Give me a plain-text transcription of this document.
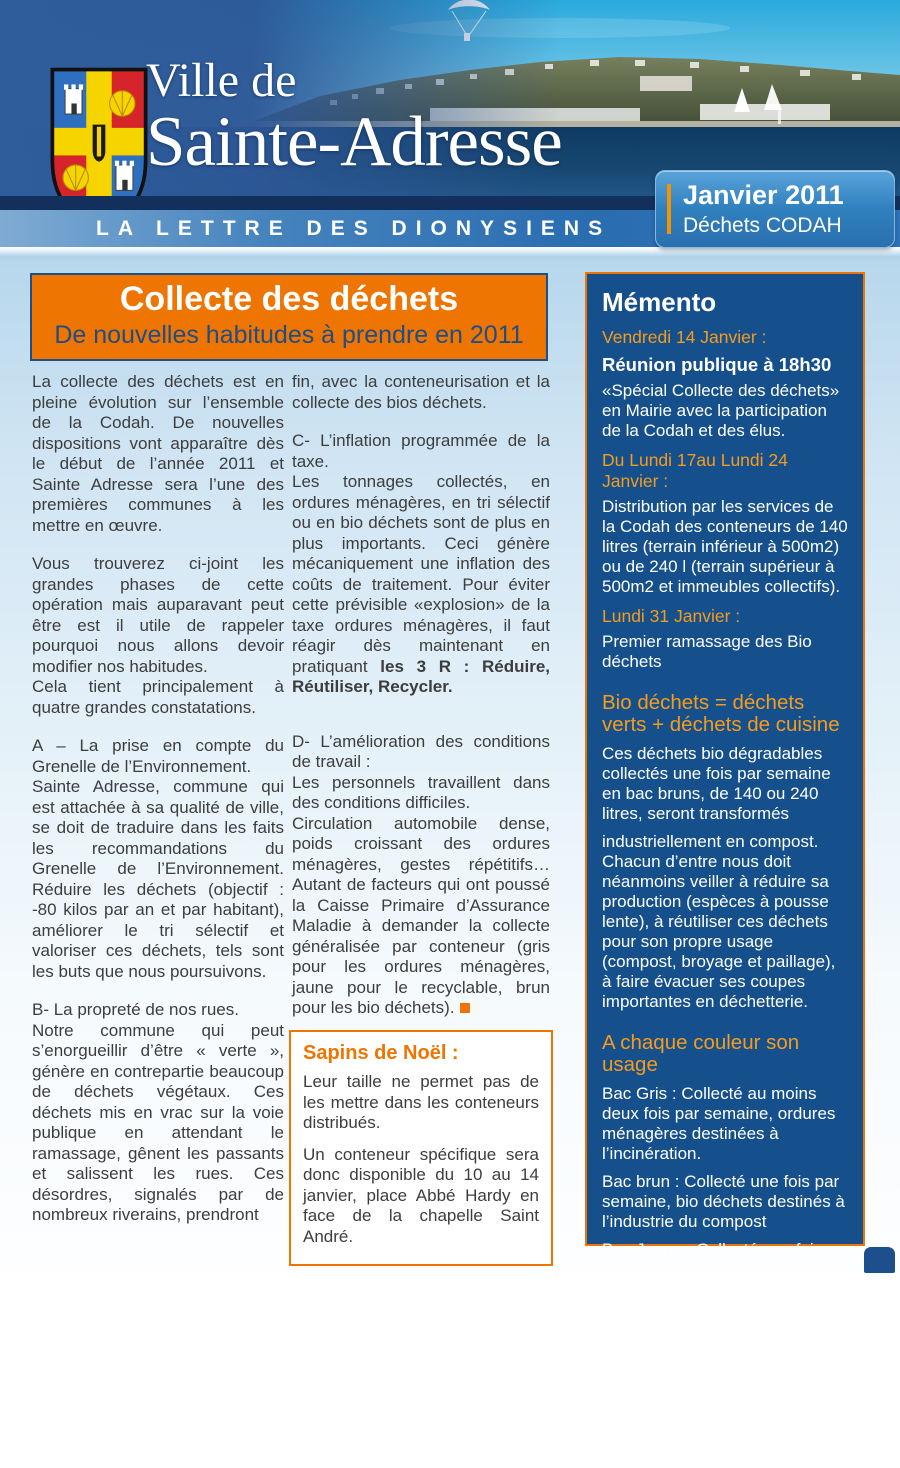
Ville de
Sainte-Adresse
LA LETTRE DES DIONYSIENS
Janvier 2011
Déchets CODAH
Collecte des déchets
De nouvelles habitudes à prendre en 2011

La collecte des déchets est en pleine évolution sur l’ensemble de la Codah. De nouvelles dispositions vont apparaître dès le début de l’année 2011 et Sainte Adresse sera l’une des premières communes à les mettre en œuvre.

Vous trouverez ci-joint les grandes phases de cette opération mais auparavant peut être est il utile de rappeler pourquoi nous allons devoir modifier nos habitudes.

Cela tient principalement à quatre grandes constatations.

A – La prise en compte du Grenelle de l’Environnement.

Sainte Adresse, commune qui est attachée à sa qualité de ville, se doit de traduire dans les faits les recommandations du Grenelle de l’Environnement. Réduire les déchets (objectif : -80 kilos par an et par habitant), améliorer le tri sélectif et valoriser ces déchets, tels sont les buts que nous poursuivons.

B- La propreté de nos rues.

Notre commune qui peut s’enorgueillir d’être « verte », génère en contrepartie beaucoup de déchets végétaux. Ces déchets mis en vrac sur la voie publique en attendant le ramassage, gênent les passants et salissent les rues. Ces désordres, signalés par de nombreux riverains, prendront

fin, avec la conteneurisation et la collecte des bios déchets.

C- L’inflation programmée de la taxe.

Les tonnages collectés, en ordures ménagères, en tri sélectif ou en bio déchets sont de plus en plus importants. Ceci génère mécaniquement une inflation des coûts de traitement. Pour éviter cette prévisible «explosion» de la taxe ordures ménagères, il faut réagir dès maintenant en pratiquant les 3 R : Réduire, Réutiliser, Recycler.

D- L’amélioration des conditions de travail :

Les personnels travaillent dans des conditions difficiles.

Circulation automobile dense, poids croissant des ordures ménagères, gestes répétitifs… Autant de facteurs qui ont poussé la Caisse Primaire d’Assurance Maladie à demander la collecte généralisée par conteneur (gris pour les ordures ménagères, jaune pour le recyclable, brun pour les bio déchets).

Sapins de Noël :

Leur taille ne permet pas de les mettre dans les conteneurs distribués.

Un conteneur spécifique sera donc disponible du 10 au 14 janvier, place Abbé Hardy en face de la chapelle Saint André.

Mémento
Vendredi 14 Janvier :
Réunion publique à 18h30
«Spécial Collecte des déchets» en Mairie avec la participation de la Codah et des élus.
Du Lundi 17au Lundi 24 Janvier :
Distribution par les services de la Codah des conteneurs de 140 litres (terrain inférieur à 500m2) ou de 240 l (terrain supérieur à 500m2 et immeubles collectifs).
Lundi 31 Janvier :
Premier ramassage des Bio déchets
Bio déchets = déchets verts + déchets de cuisine

Ces déchets bio dégradables collectés une fois par semaine en bac bruns, de 140 ou 240 litres, seront transformés

industriellement en compost. Chacun d’entre nous doit néanmoins veiller à réduire sa production (espèces à pousse lente), à réutiliser ces déchets pour son propre usage (compost, broyage et paillage), à faire évacuer ses coupes importantes en déchetterie.

A chaque couleur son usage

Bac Gris : Collecté au moins deux fois par semaine, ordures ménagères destinées à l’incinération.

Bac brun : Collecté une fois par semaine, bio déchets destinés à l’industrie du compost

Bac Jaune : Collecté une fois par semaine, tri sélectif destiné au recyclage

Attention : Les sacs jaunes délivrés en mairie disparaissent. Ils sont remplacés par des conteneurs jaunes (habitat pavillonnaire), et par des cabas ou bacs jaunes (habitat collectif), distribués par la Codah en Janvier 2011.
